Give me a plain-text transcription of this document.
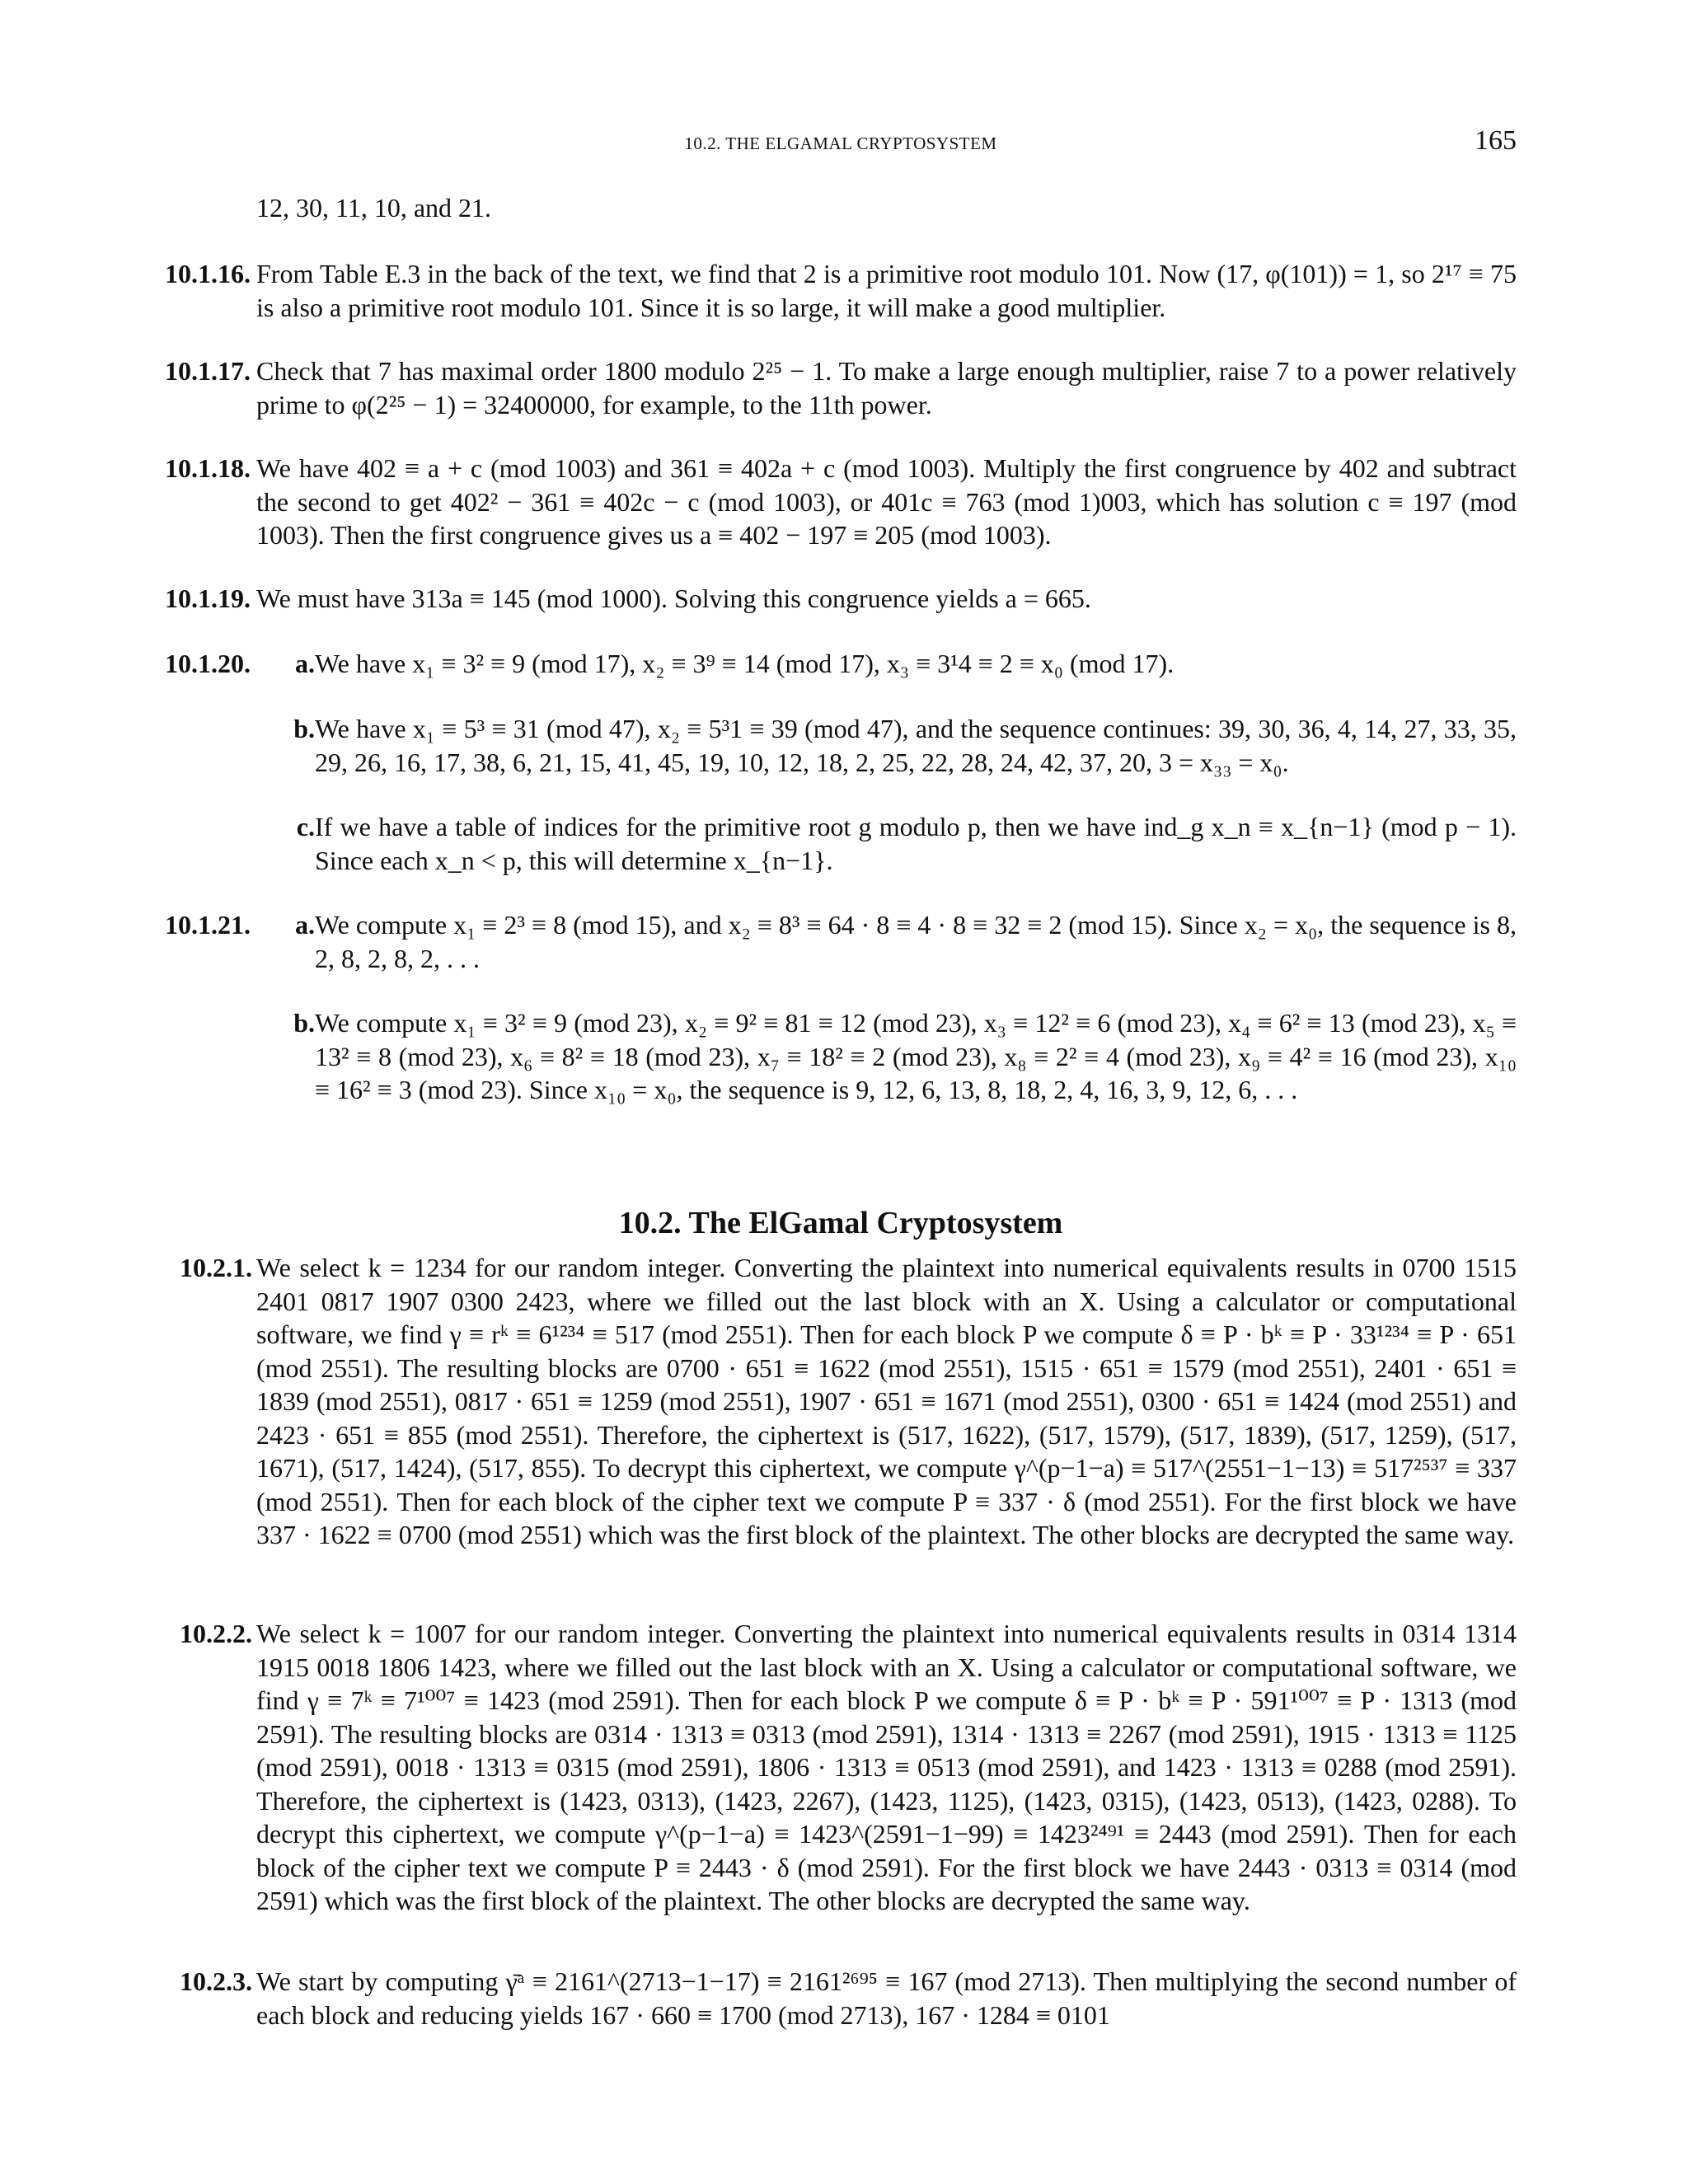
10.2. THE ELGAMAL CRYPTOSYSTEM	165
12, 30, 11, 10, and 21.
10.1.16. From Table E.3 in the back of the text, we find that 2 is a primitive root modulo 101. Now (17, φ(101)) = 1, so 2¹⁷ ≡ 75 is also a primitive root modulo 101. Since it is so large, it will make a good multiplier.
10.1.17. Check that 7 has maximal order 1800 modulo 2²⁵ − 1. To make a large enough multiplier, raise 7 to a power relatively prime to φ(2²⁵ − 1) = 32400000, for example, to the 11th power.
10.1.18. We have 402 ≡ a + c (mod 1003) and 361 ≡ 402a + c (mod 1003). Multiply the first congruence by 402 and subtract the second to get 402² − 361 ≡ 402c − c (mod 1003), or 401c ≡ 763 (mod 1)003, which has solution c ≡ 197 (mod 1003). Then the first congruence gives us a ≡ 402 − 197 ≡ 205 (mod 1003).
10.1.19. We must have 313a ≡ 145 (mod 1000). Solving this congruence yields a = 665.
10.1.20.	a. We have x₁ ≡ 3² ≡ 9 (mod 17), x₂ ≡ 3⁹ ≡ 14 (mod 17), x₃ ≡ 3¹4 ≡ 2 ≡ x₀ (mod 17).
b. We have x₁ ≡ 5³ ≡ 31 (mod 47), x₂ ≡ 5³1 ≡ 39 (mod 47), and the sequence continues: 39, 30, 36, 4, 14, 27, 33, 35, 29, 26, 16, 17, 38, 6, 21, 15, 41, 45, 19, 10, 12, 18, 2, 25, 22, 28, 24, 42, 37, 20, 3 = x₃₃ = x₀.
c. If we have a table of indices for the primitive root g modulo p, then we have ind_g x_n ≡ x_{n−1} (mod p − 1). Since each x_n < p, this will determine x_{n−1}.
10.1.21.	a. We compute x₁ ≡ 2³ ≡ 8 (mod 15), and x₂ ≡ 8³ ≡ 64 · 8 ≡ 4 · 8 ≡ 32 ≡ 2 (mod 15). Since x₂ = x₀, the sequence is 8, 2, 8, 2, 8, 2, . . .
b. We compute x₁ ≡ 3² ≡ 9 (mod 23), x₂ ≡ 9² ≡ 81 ≡ 12 (mod 23), x₃ ≡ 12² ≡ 6 (mod 23), x₄ ≡ 6² ≡ 13 (mod 23), x₅ ≡ 13² ≡ 8 (mod 23), x₆ ≡ 8² ≡ 18 (mod 23), x₇ ≡ 18² ≡ 2 (mod 23), x₈ ≡ 2² ≡ 4 (mod 23), x₉ ≡ 4² ≡ 16 (mod 23), x₁₀ ≡ 16² ≡ 3 (mod 23). Since x₁₀ = x₀, the sequence is 9, 12, 6, 13, 8, 18, 2, 4, 16, 3, 9, 12, 6, . . .
10.2. The ElGamal Cryptosystem
10.2.1. We select k = 1234 for our random integer. Converting the plaintext into numerical equivalents results in 0700 1515 2401 0817 1907 0300 2423, where we filled out the last block with an X. Using a calculator or computational software, we find γ ≡ rᵏ ≡ 6¹²³⁴ ≡ 517 (mod 2551). Then for each block P we compute δ ≡ P · bᵏ ≡ P · 33¹²³⁴ ≡ P · 651 (mod 2551). The resulting blocks are 0700 · 651 ≡ 1622 (mod 2551), 1515 · 651 ≡ 1579 (mod 2551), 2401 · 651 ≡ 1839 (mod 2551), 0817 · 651 ≡ 1259 (mod 2551), 1907 · 651 ≡ 1671 (mod 2551), 0300 · 651 ≡ 1424 (mod 2551) and 2423 · 651 ≡ 855 (mod 2551). Therefore, the ciphertext is (517, 1622), (517, 1579), (517, 1839), (517, 1259), (517, 1671), (517, 1424), (517, 855). To decrypt this ciphertext, we compute γ^(p−1−a) ≡ 517^(2551−1−13) ≡ 517²⁵³⁷ ≡ 337 (mod 2551). Then for each block of the cipher text we compute P ≡ 337 · δ (mod 2551). For the first block we have 337 · 1622 ≡ 0700 (mod 2551) which was the first block of the plaintext. The other blocks are decrypted the same way.
10.2.2. We select k = 1007 for our random integer. Converting the plaintext into numerical equivalents results in 0314 1314 1915 0018 1806 1423, where we filled out the last block with an X. Using a calculator or computational software, we find γ ≡ 7ᵏ ≡ 7¹⁰⁰⁷ ≡ 1423 (mod 2591). Then for each block P we compute δ ≡ P · bᵏ ≡ P · 591¹⁰⁰⁷ ≡ P · 1313 (mod 2591). The resulting blocks are 0314 · 1313 ≡ 0313 (mod 2591), 1314 · 1313 ≡ 2267 (mod 2591), 1915 · 1313 ≡ 1125 (mod 2591), 0018 · 1313 ≡ 0315 (mod 2591), 1806 · 1313 ≡ 0513 (mod 2591), and 1423 · 1313 ≡ 0288 (mod 2591). Therefore, the ciphertext is (1423, 0313), (1423, 2267), (1423, 1125), (1423, 0315), (1423, 0513), (1423, 0288). To decrypt this ciphertext, we compute γ^(p−1−a) ≡ 1423^(2591−1−99) ≡ 1423²⁴⁹¹ ≡ 2443 (mod 2591). Then for each block of the cipher text we compute P ≡ 2443 · δ (mod 2591). For the first block we have 2443 · 0313 ≡ 0314 (mod 2591) which was the first block of the plaintext. The other blocks are decrypted the same way.
10.2.3. We start by computing γ̄ᵃ ≡ 2161^(2713−1−17) ≡ 2161²⁶⁹⁵ ≡ 167 (mod 2713). Then multiplying the second number of each block and reducing yields 167 · 660 ≡ 1700 (mod 2713), 167 · 1284 ≡ 0101
